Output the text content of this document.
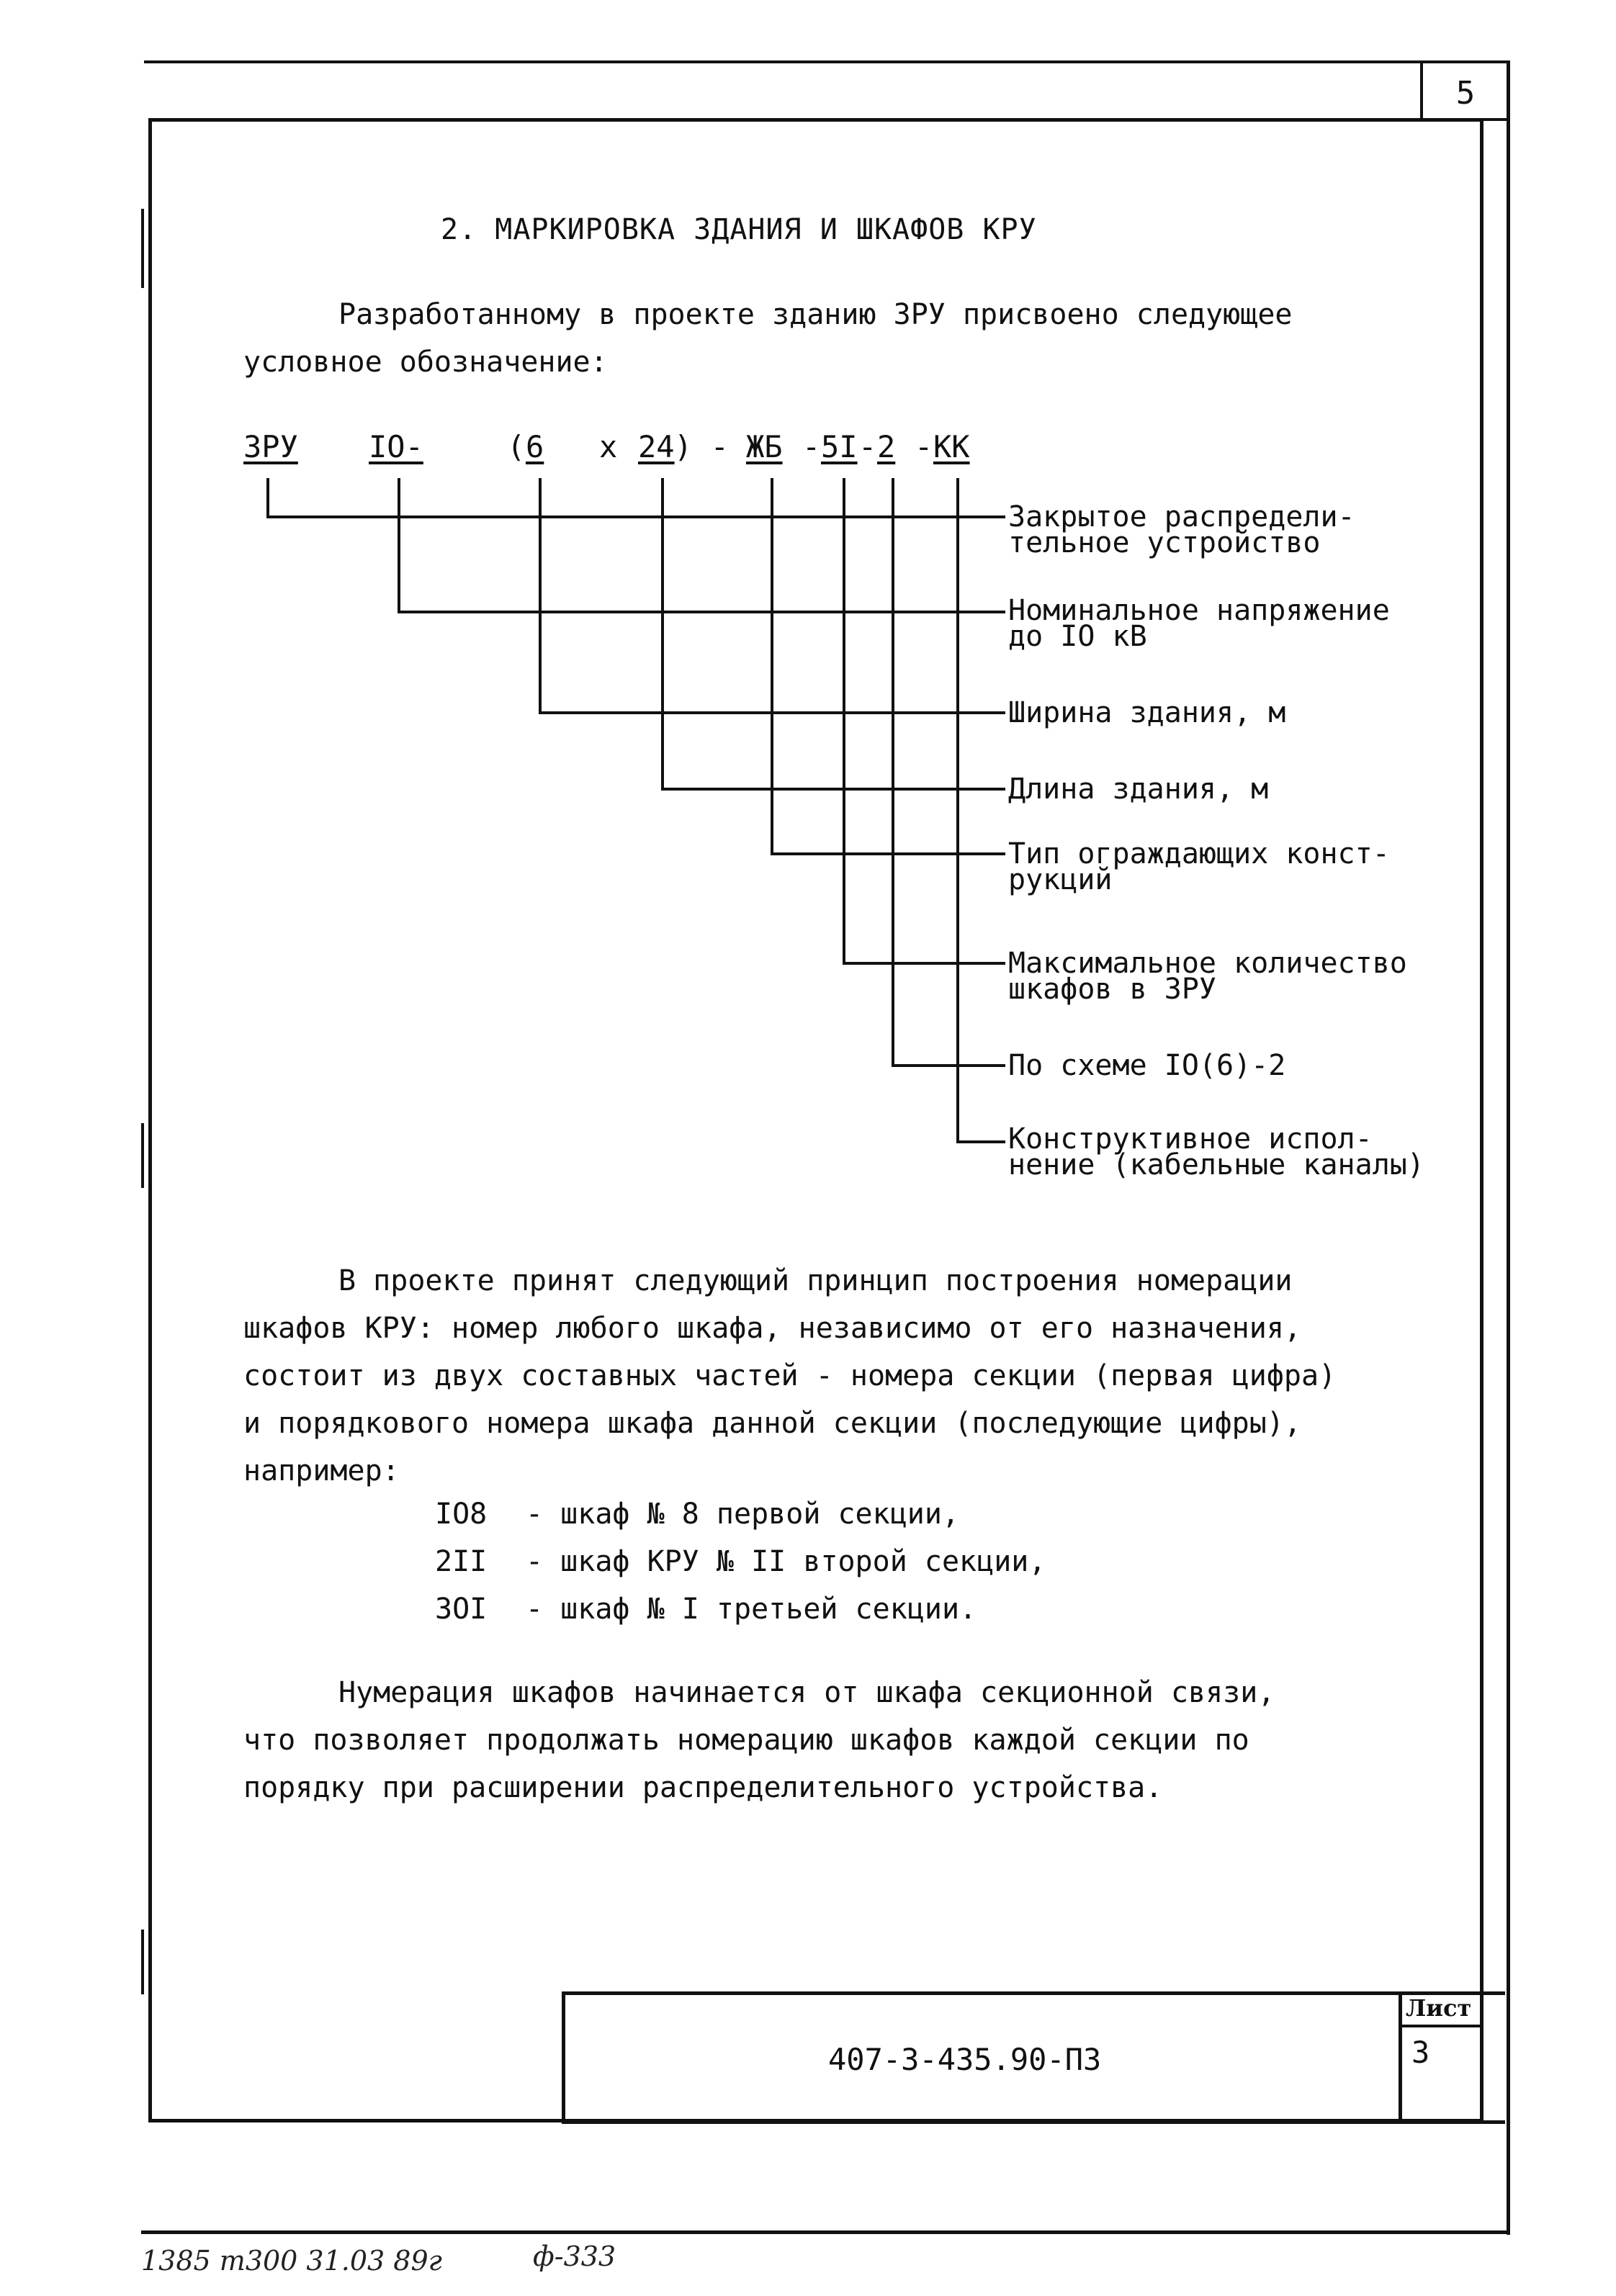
5
2. МАРКИРОВКА ЗДАНИЯ И ШКАФОВ КРУ
Разработанному в проекте зданию ЗРУ присвоено следующее
условное обозначение:
ЗРУ IO-	( 6 x 24 ) - ЖБ - 5I - 2 - КК
Закрытое распредели-
тельное устройство
Номинальное напряжение
до IO кВ
Ширина здания, м
Длина здания, м
Тип ограждающих конст-
рукций
Максимальное количество
шкафов в ЗРУ
По схеме IO(6)-2
Конструктивное испол-
нение (кабельные каналы)
В проекте принят следующий принцип построения номерации
шкафов КРУ: номер любого шкафа, независимо от его назначения,
состоит из двух составных частей - номера секции (первая цифра)
и порядкового номера шкафа данной секции (последующие цифры),
например:
IO8 - шкаф № 8 первой секции,
2II - шкаф КРУ № II второй секции,
3OI - шкаф № I третьей секции.
Нумерация шкафов начинается от шкафа секционной связи,
что позволяет продолжать номерацию шкафов каждой секции по
порядку при расширении распределительного устройства.
407-3-435.90-ПЗ
Лист
3
1385 т300 31.03 89г	ф-333
